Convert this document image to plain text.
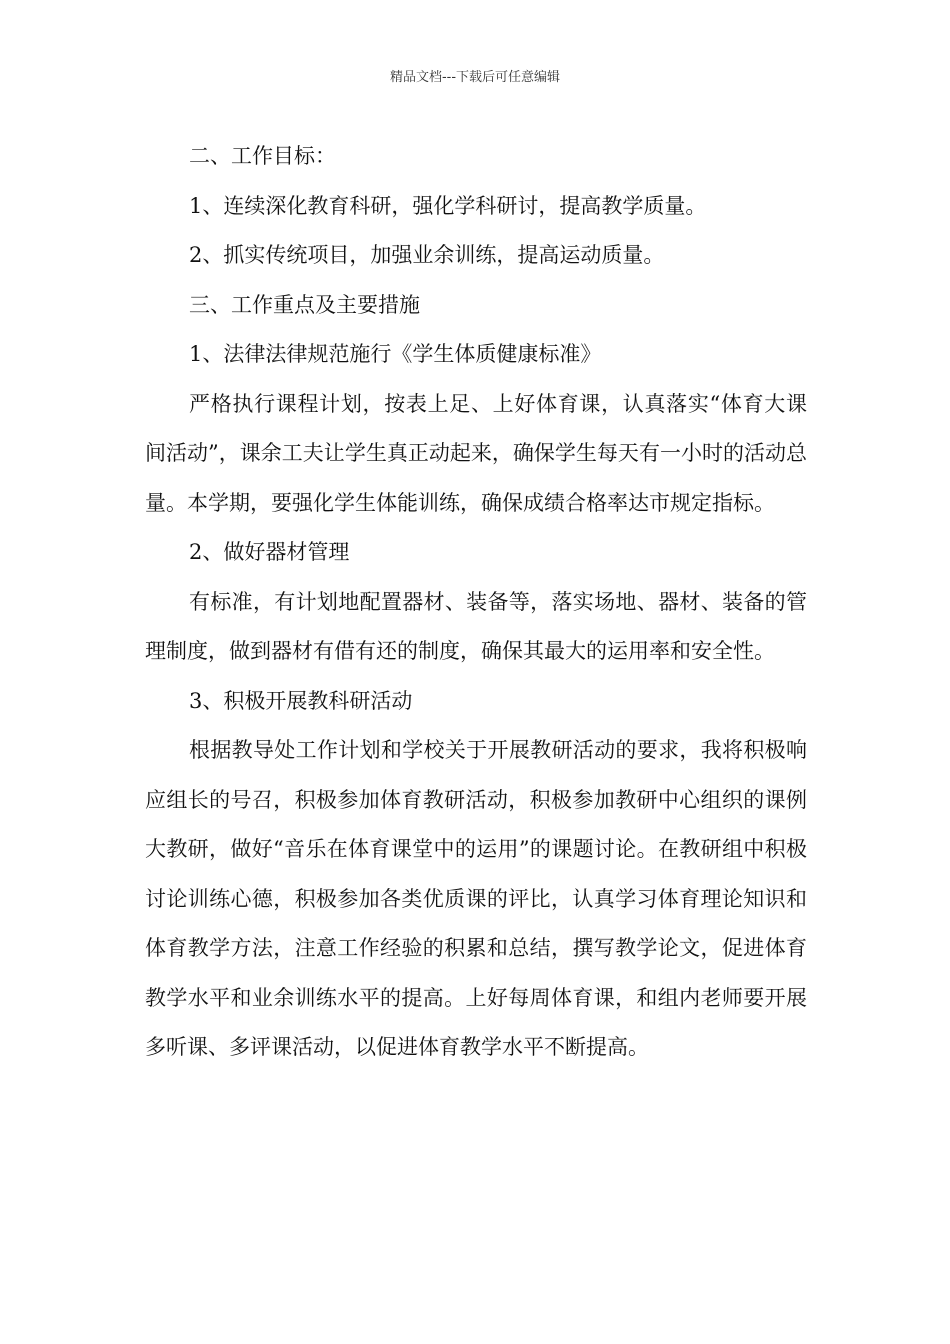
精品文档---下载后可任意编辑

二、工作目标：

1、连续深化教育科研，强化学科研讨，提高教学质量。

2、抓实传统项目，加强业余训练，提高运动质量。

三、工作重点及主要措施

1、法律法律规范施行《学生体质健康标准》

严格执行课程计划，按表上足、上好体育课，认真落实“体育大课间活动”，课余工夫让学生真正动起来，确保学生每天有一小时的活动总量。本学期，要强化学生体能训练，确保成绩合格率达市规定指标。

2、做好器材管理

有标准，有计划地配置器材、装备等，落实场地、器材、装备的管理制度，做到器材有借有还的制度，确保其最大的运用率和安全性。

3、积极开展教科研活动

根据教导处工作计划和学校关于开展教研活动的要求，我将积极响应组长的号召，积极参加体育教研活动，积极参加教研中心组织的课例大教研，做好“音乐在体育课堂中的运用”的课题讨论。在教研组中积极讨论训练心德，积极参加各类优质课的评比，认真学习体育理论知识和体育教学方法，注意工作经验的积累和总结，撰写教学论文，促进体育教学水平和业余训练水平的提高。上好每周体育课，和组内老师要开展多听课、多评课活动，以促进体育教学水平不断提高。
